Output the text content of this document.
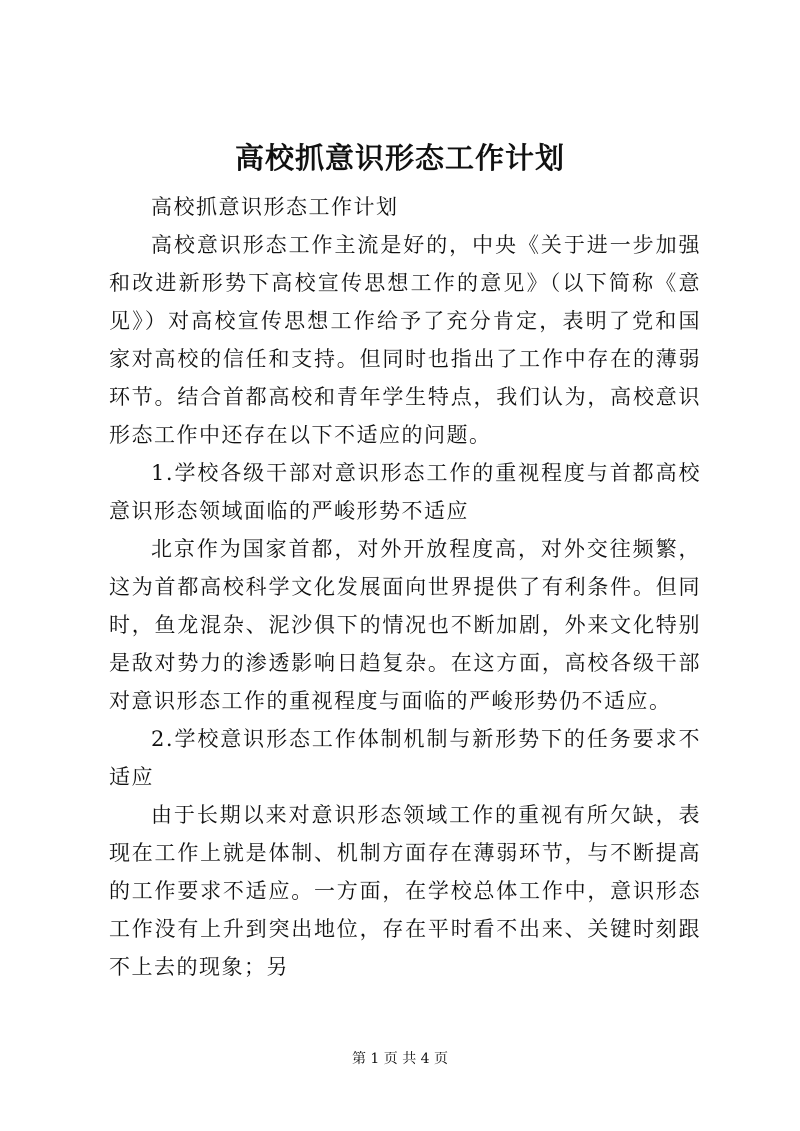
高校抓意识形态工作计划

高校抓意识形态工作计划

高校意识形态工作主流是好的，中央《关于进一步加强和改进新形势下高校宣传思想工作的意见》（以下简称《意见》）对高校宣传思想工作给予了充分肯定，表明了党和国家对高校的信任和支持。但同时也指出了工作中存在的薄弱环节。结合首都高校和青年学生特点，我们认为，高校意识形态工作中还存在以下不适应的问题。

1.学校各级干部对意识形态工作的重视程度与首都高校意识形态领域面临的严峻形势不适应

北京作为国家首都，对外开放程度高，对外交往频繁，这为首都高校科学文化发展面向世界提供了有利条件。但同时，鱼龙混杂、泥沙俱下的情况也不断加剧，外来文化特别是敌对势力的渗透影响日趋复杂。在这方面，高校各级干部对意识形态工作的重视程度与面临的严峻形势仍不适应。

2.学校意识形态工作体制机制与新形势下的任务要求不适应

由于长期以来对意识形态领域工作的重视有所欠缺，表现在工作上就是体制、机制方面存在薄弱环节，与不断提高的工作要求不适应。一方面，在学校总体工作中，意识形态工作没有上升到突出地位，存在平时看不出来、关键时刻跟不上去的现象；另

第 1 页 共 4 页
